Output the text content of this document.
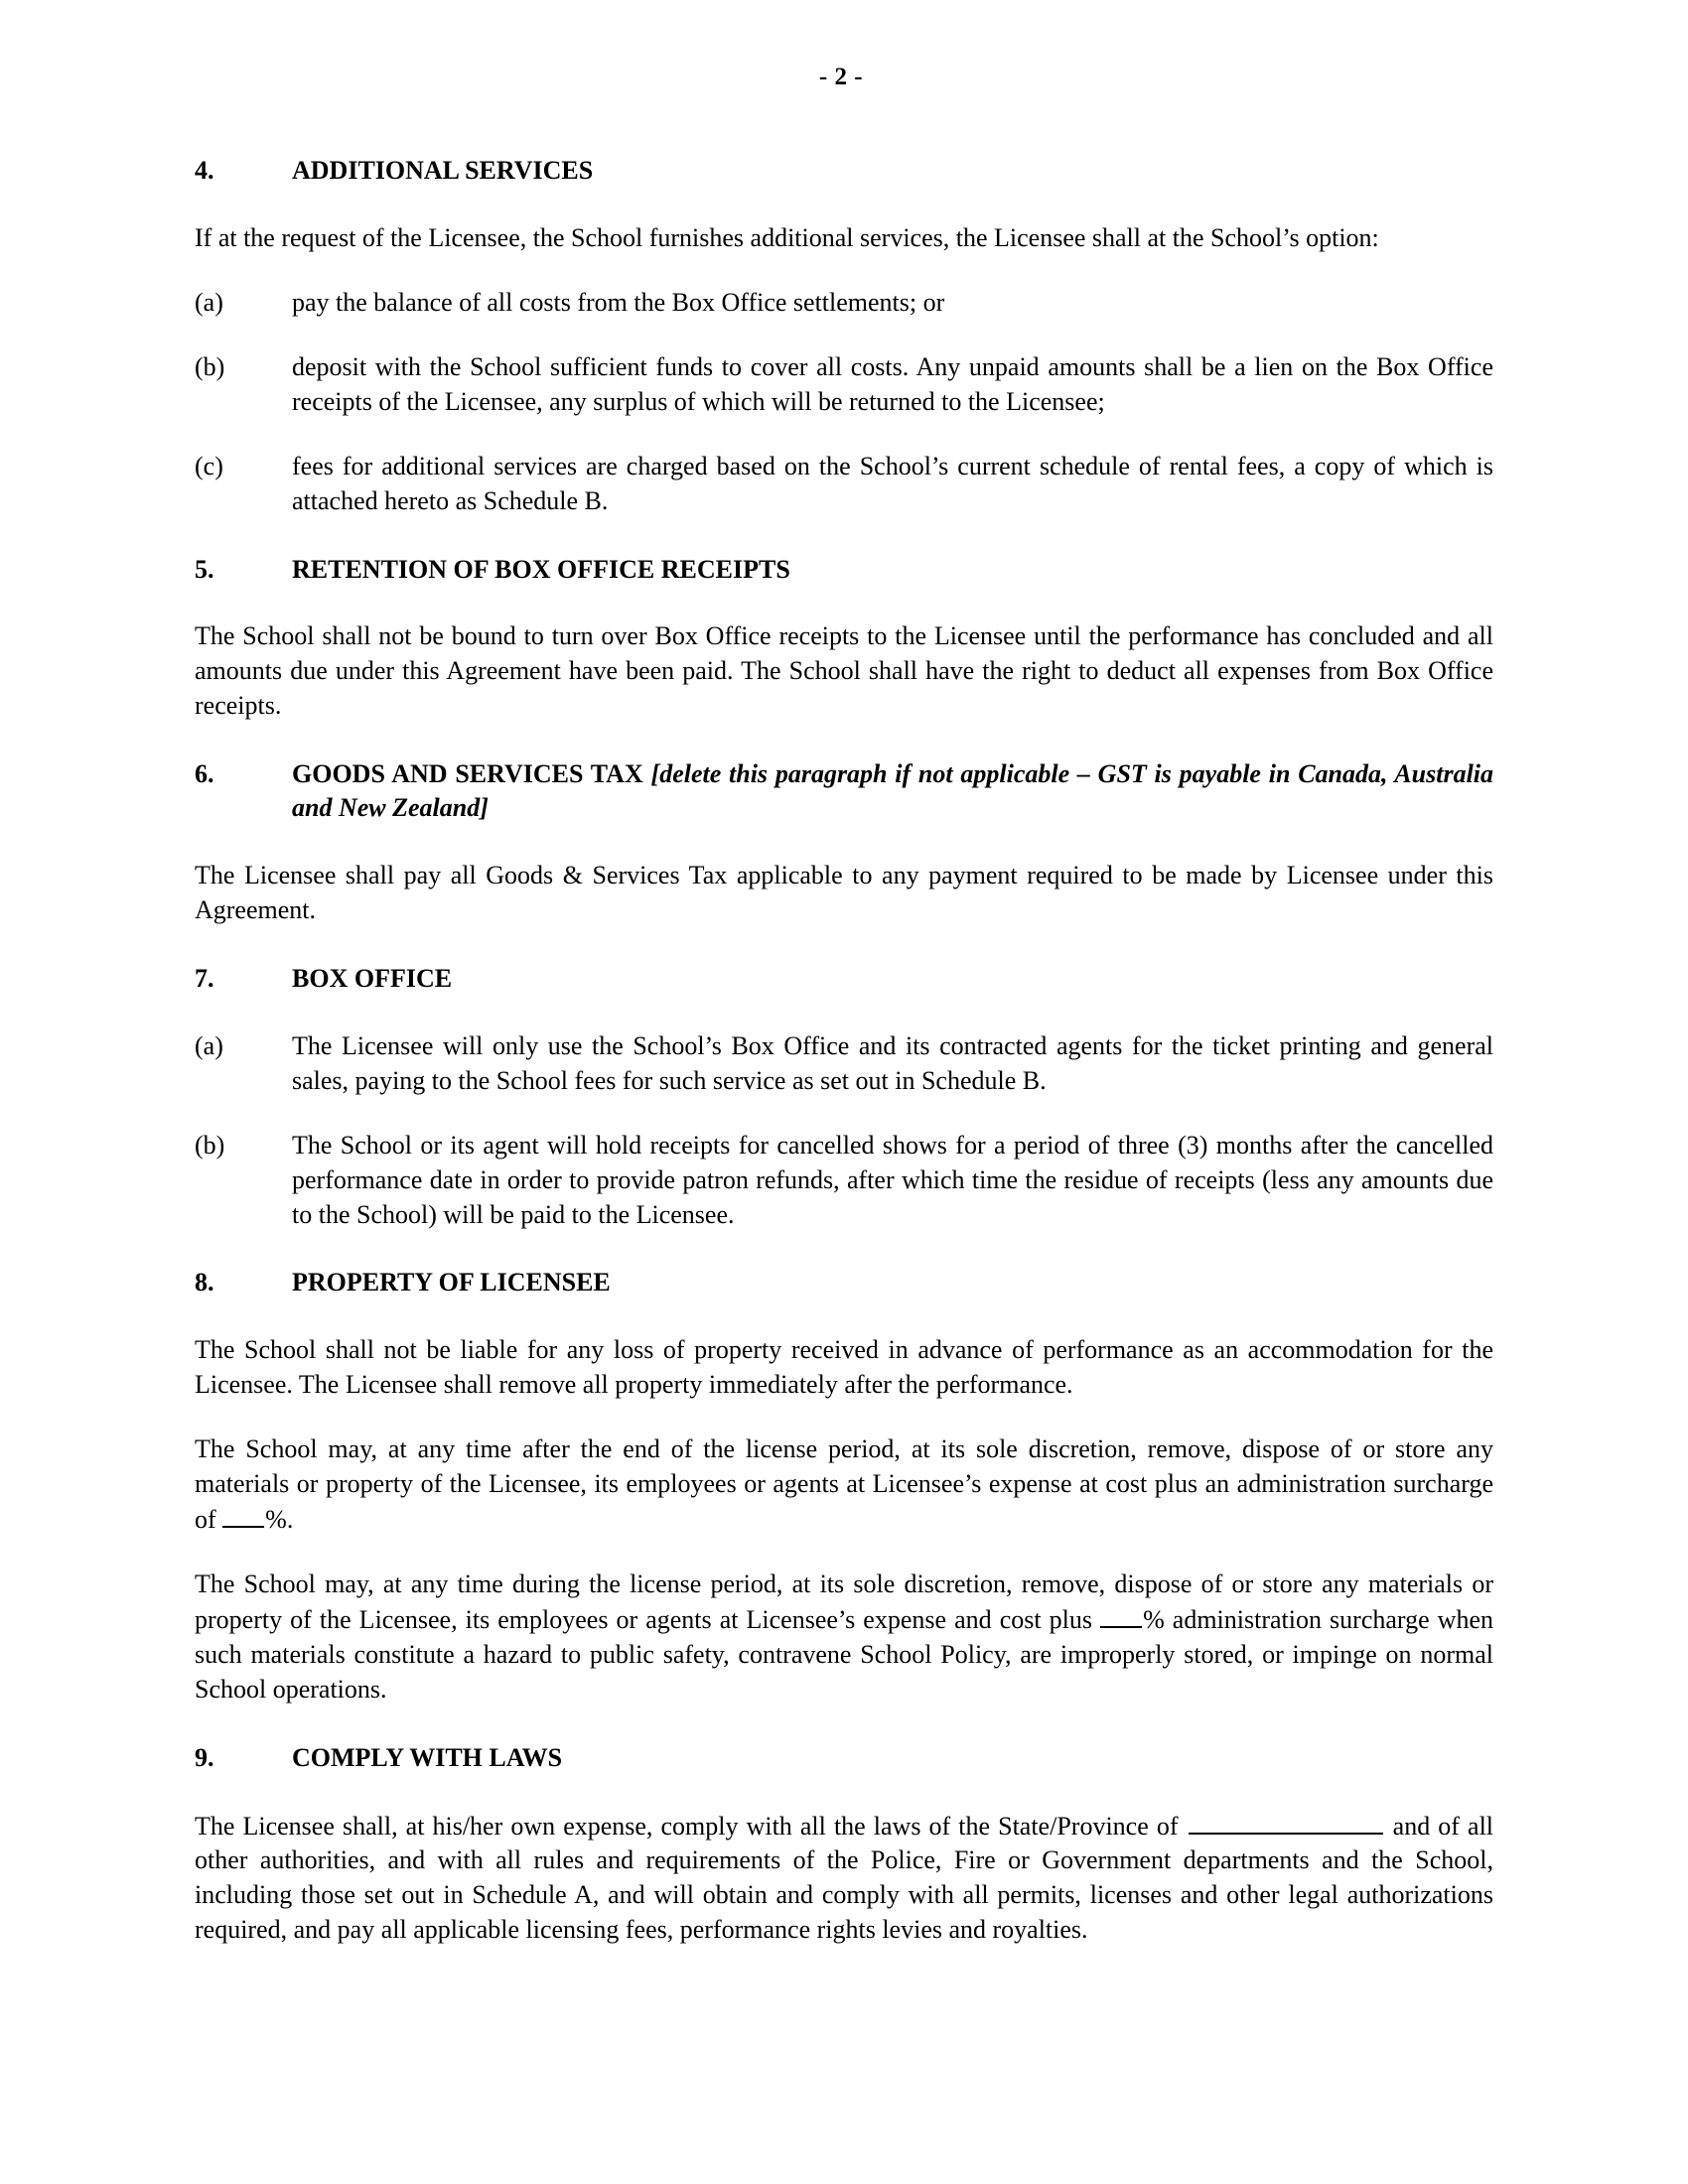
- 2 -
4.	ADDITIONAL SERVICES

If at the request of the Licensee, the School furnishes additional services, the Licensee shall at the School’s option:

(a)	pay the balance of all costs from the Box Office settlements; or
(b)	deposit with the School sufficient funds to cover all costs. Any unpaid amounts shall be a lien on the Box Office receipts of the Licensee, any surplus of which will be returned to the Licensee;
(c)	fees for additional services are charged based on the School’s current schedule of rental fees, a copy of which is attached hereto as Schedule B.
5.	RETENTION OF BOX OFFICE RECEIPTS

The School shall not be bound to turn over Box Office receipts to the Licensee until the performance has concluded and all amounts due under this Agreement have been paid. The School shall have the right to deduct all expenses from Box Office receipts.

6.	GOODS AND SERVICES TAX [delete this paragraph if not applicable – GST is payable in Canada, Australia and New Zealand]

The Licensee shall pay all Goods & Services Tax applicable to any payment required to be made by Licensee under this Agreement.

7.	BOX OFFICE
(a)	The Licensee will only use the School’s Box Office and its contracted agents for the ticket printing and general sales, paying to the School fees for such service as set out in Schedule B.
(b)	The School or its agent will hold receipts for cancelled shows for a period of three (3) months after the cancelled performance date in order to provide patron refunds, after which time the residue of receipts (less any amounts due to the School) will be paid to the Licensee.
8.	PROPERTY OF LICENSEE

The School shall not be liable for any loss of property received in advance of performance as an accommodation for the Licensee. The Licensee shall remove all property immediately after the performance.

The School may, at any time after the end of the license period, at its sole discretion, remove, dispose of or store any materials or property of the Licensee, its employees or agents at Licensee’s expense at cost plus an administration surcharge of %.

The School may, at any time during the license period, at its sole discretion, remove, dispose of or store any materials or property of the Licensee, its employees or agents at Licensee’s expense and cost plus % administration surcharge when such materials constitute a hazard to public safety, contravene School Policy, are improperly stored, or impinge on normal School operations.

9.	COMPLY WITH LAWS

The Licensee shall, at his/her own expense, comply with all the laws of the State/Province of	and of all other authorities, and with all rules and requirements of the Police, Fire or Government departments and the School, including those set out in Schedule A, and will obtain and comply with all permits, licenses and other legal authorizations required, and pay all applicable licensing fees, performance rights levies and royalties.
